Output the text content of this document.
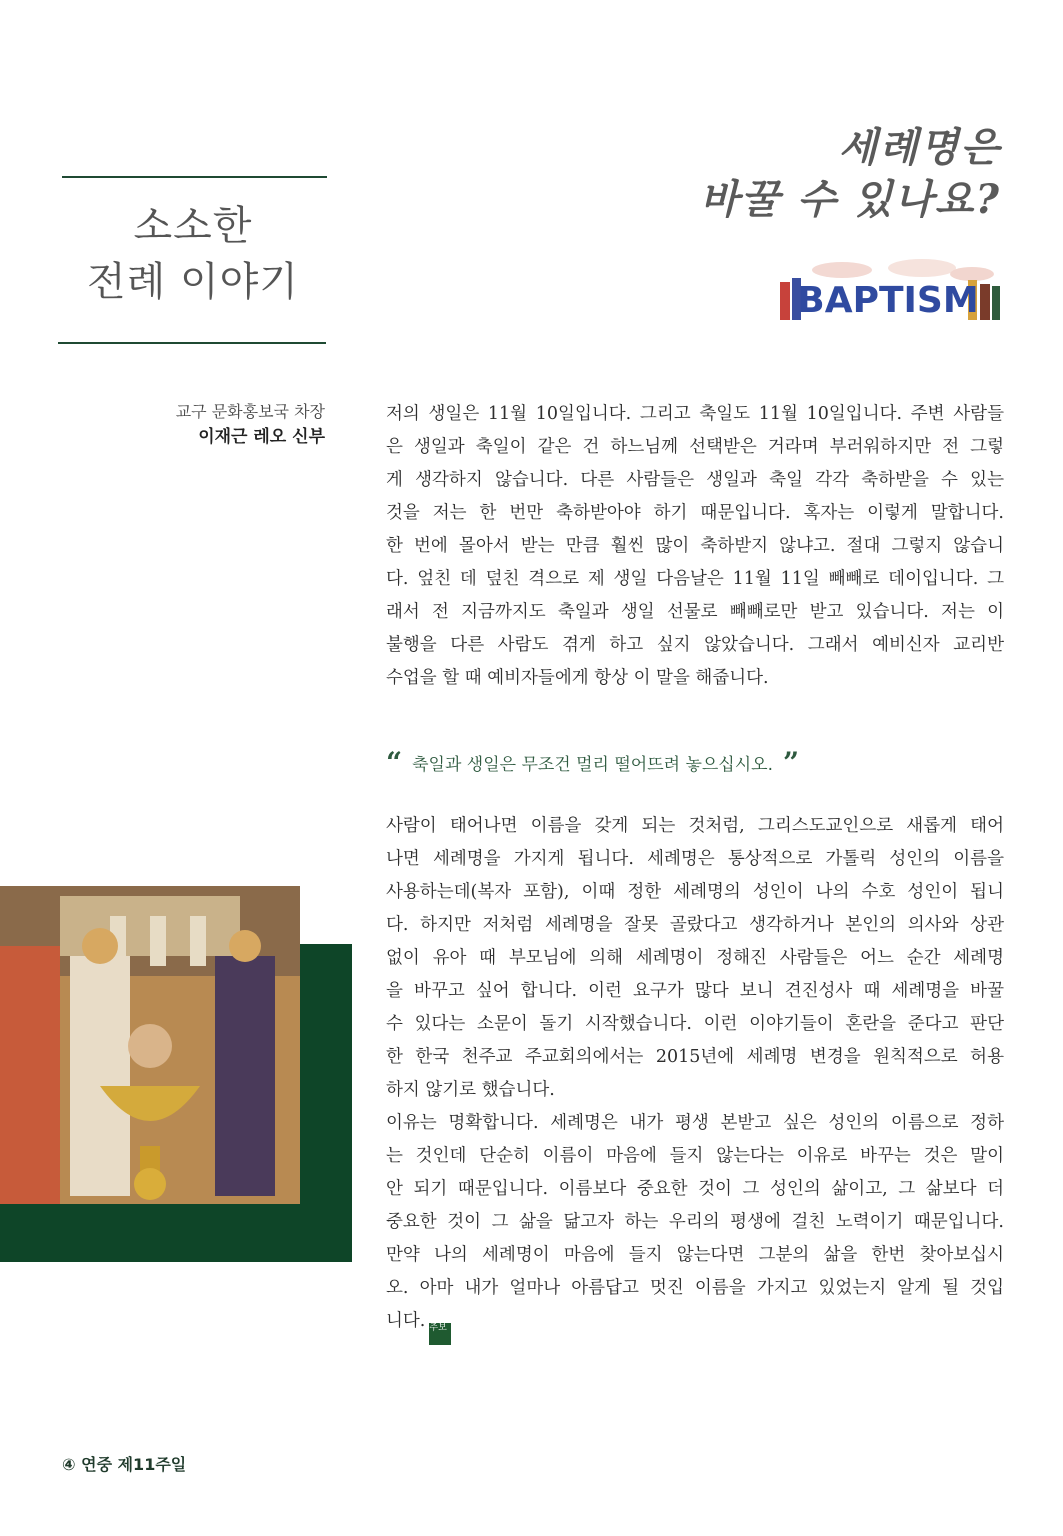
소소한
전례 이야기
세례명은
바꿀 수 있나요?
BAPTISM
교구 문화홍보국 차장
이재근 레오 신부
저의 생일은 11월 10일입니다. 그리고 축일도 11월 10일입니다. 주변 사람들
은 생일과 축일이 같은 건 하느님께 선택받은 거라며 부러워하지만 전 그렇
게 생각하지 않습니다. 다른 사람들은 생일과 축일 각각 축하받을 수 있는
것을 저는 한 번만 축하받아야 하기 때문입니다. 혹자는 이렇게 말합니다.
한 번에 몰아서 받는 만큼 훨씬 많이 축하받지 않냐고. 절대 그렇지 않습니
다. 엎친 데 덮친 격으로 제 생일 다음날은 11월 11일 빼빼로 데이입니다. 그
래서 전 지금까지도 축일과 생일 선물로 빼빼로만 받고 있습니다. 저는 이
불행을 다른 사람도 겪게 하고 싶지 않았습니다. 그래서 예비신자 교리반
수업을 할 때 예비자들에게 항상 이 말을 해줍니다.
“ 축일과 생일은 무조건 멀리 떨어뜨려 놓으십시오. ”
사람이 태어나면 이름을 갖게 되는 것처럼, 그리스도교인으로 새롭게 태어
나면 세례명을 가지게 됩니다. 세례명은 통상적으로 가톨릭 성인의 이름을
사용하는데(복자 포함), 이때 정한 세례명의 성인이 나의 수호 성인이 됩니
다. 하지만 저처럼 세례명을 잘못 골랐다고 생각하거나 본인의 의사와 상관
없이 유아 때 부모님에 의해 세례명이 정해진 사람들은 어느 순간 세례명
을 바꾸고 싶어 합니다. 이런 요구가 많다 보니 견진성사 때 세례명을 바꿀
수 있다는 소문이 돌기 시작했습니다. 이런 이야기들이 혼란을 준다고 판단
한 한국 천주교 주교회의에서는 2015년에 세례명 변경을 원칙적으로 허용
하지 않기로 했습니다.
이유는 명확합니다. 세례명은 내가 평생 본받고 싶은 성인의 이름으로 정하
는 것인데 단순히 이름이 마음에 들지 않는다는 이유로 바꾸는 것은 말이
안 되기 때문입니다. 이름보다 중요한 것이 그 성인의 삶이고, 그 삶보다 더
중요한 것이 그 삶을 닮고자 하는 우리의 평생에 걸친 노력이기 때문입니다.
만약 나의 세례명이 마음에 들지 않는다면 그분의 삶을 한번 찾아보십시
오. 아마 내가 얼마나 아름답고 멋진 이름을 가지고 있었는지 알게 될 것입
니다. 주보
④ 연중 제11주일
